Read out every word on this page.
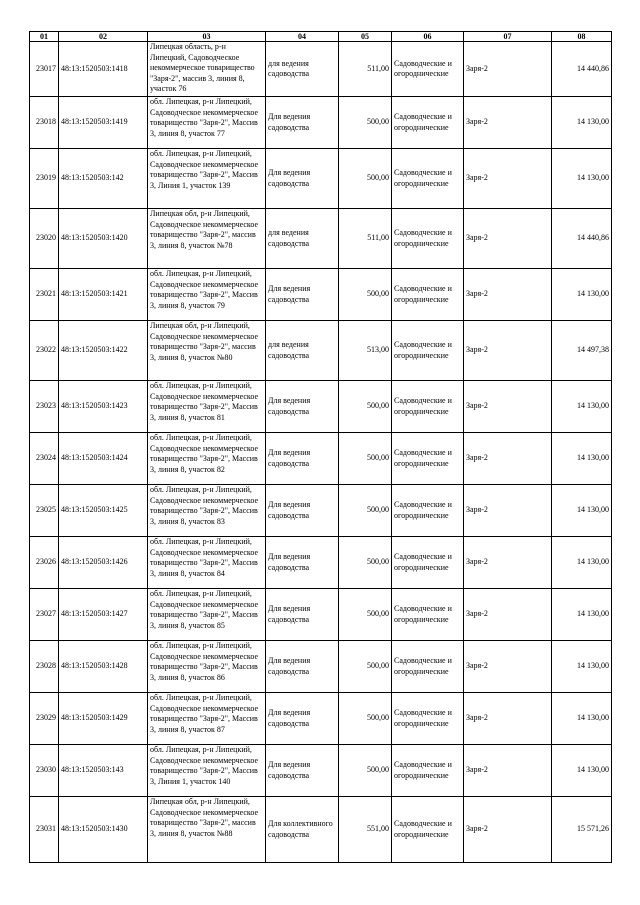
01	02	03	04	05	06	07	08
23017	48:13:1520503:1418	Липецкая область, р-н Липецкий, Садоводческое некоммерческое товарищество "Заря-2", массив 3, линия 8, участок 76	для ведения садоводства	511,00	Садоводческие и огороднические	Заря-2	14 440,86
23018	48:13:1520503:1419	обл. Липецкая, р-н Липецкий, Садоводческое некоммерческое товарищество "Заря-2", Массив 3, линия 8, участок 77	Для ведения садоводства	500,00	Садоводческие и огороднические	Заря-2	14 130,00
23019	48:13:1520503:142	обл. Липецкая, р-н Липецкий, Садоводческое некоммерческое товарищество "Заря-2", Массив 3, Линия 1, участок 139	Для ведения садоводства	500,00	Садоводческие и огороднические	Заря-2	14 130,00
23020	48:13:1520503:1420	Липецкая обл, р-н Липецкий, Садоводческое некоммерческое товарищество "Заря-2", массив 3, линия 8, участок №78	для ведения садоводства	511,00	Садоводческие и огороднические	Заря-2	14 440,86
23021	48:13:1520503:1421	обл. Липецкая, р-н Липецкий, Садоводческое некоммерческое товарищество "Заря-2", Массив 3, линия 8, участок 79	Для ведения садоводства	500,00	Садоводческие и огороднические	Заря-2	14 130,00
23022	48:13:1520503:1422	Липецкая обл, р-н Липецкий, Садоводческое некоммерческое товарищество "Заря-2", массив 3, линия 8, участок №80	для ведения садоводства	513,00	Садоводческие и огороднические	Заря-2	14 497,38
23023	48:13:1520503:1423	обл. Липецкая, р-н Липецкий, Садоводческое некоммерческое товарищество "Заря-2", Массив 3, линия 8, участок 81	Для ведения садоводства	500,00	Садоводческие и огороднические	Заря-2	14 130,00
23024	48:13:1520503:1424	обл. Липецкая, р-н Липецкий, Садоводческое некоммерческое товарищество "Заря-2", Массив 3, линия 8, участок 82	Для ведения садоводства	500,00	Садоводческие и огороднические	Заря-2	14 130,00
23025	48:13:1520503:1425	обл. Липецкая, р-н Липецкий, Садоводческое некоммерческое товарищество "Заря-2", Массив 3, линия 8, участок 83	Для ведения садоводства	500,00	Садоводческие и огороднические	Заря-2	14 130,00
23026	48:13:1520503:1426	обл. Липецкая, р-н Липецкий, Садоводческое некоммерческое товарищество "Заря-2", Массив 3, линия 8, участок 84	Для ведения садоводства	500,00	Садоводческие и огороднические	Заря-2	14 130,00
23027	48:13:1520503:1427	обл. Липецкая, р-н Липецкий, Садоводческое некоммерческое товарищество "Заря-2", Массив 3, линия 8, участок 85	Для ведения садоводства	500,00	Садоводческие и огороднические	Заря-2	14 130,00
23028	48:13:1520503:1428	обл. Липецкая, р-н Липецкий, Садоводческое некоммерческое товарищество "Заря-2", Массив 3, линия 8, участок 86	Для ведения садоводства	500,00	Садоводческие и огороднические	Заря-2	14 130,00
23029	48:13:1520503:1429	обл. Липецкая, р-н Липецкий, Садоводческое некоммерческое товарищество "Заря-2", Массив 3, линия 8, участок 87	Для ведения садоводства	500,00	Садоводческие и огороднические	Заря-2	14 130,00
23030	48:13:1520503:143	обл. Липецкая, р-н Липецкий, Садоводческое некоммерческое товарищество "Заря-2", Массив 3, Линия 1, участок 140	Для ведения садоводства	500,00	Садоводческие и огороднические	Заря-2	14 130,00
23031	48:13:1520503:1430	Липецкая обл, р-н Липецкий, Садоводческое некоммерческое товарищество "Заря-2", массив 3, линия 8, участок №88	Для коллективного садоводства	551,00	Садоводческие и огороднические	Заря-2	15 571,26
